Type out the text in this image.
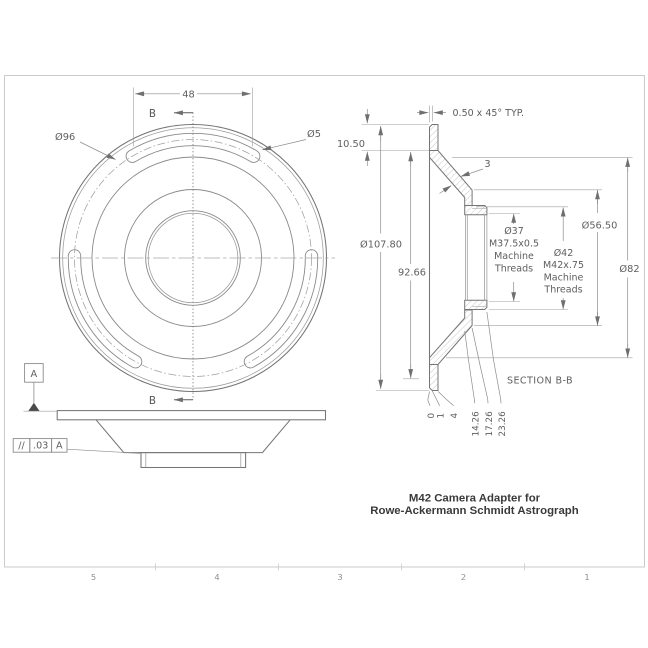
5	4	3	2	1
48
B
B
Ø96	Ø5
A
// .03 A
0.50 x 45° TYP.
3
10.50
Ø107.80
92.66
Ø37
M37.5x0.5
Machine
Threads
Ø42
M42x.75
Machine
Threads
Ø56.50
Ø82
0 1 4 14.26 17.26 23.26
SECTION B-B
M42 Camera Adapter for
Rowe-Ackermann Schmidt Astrograph
